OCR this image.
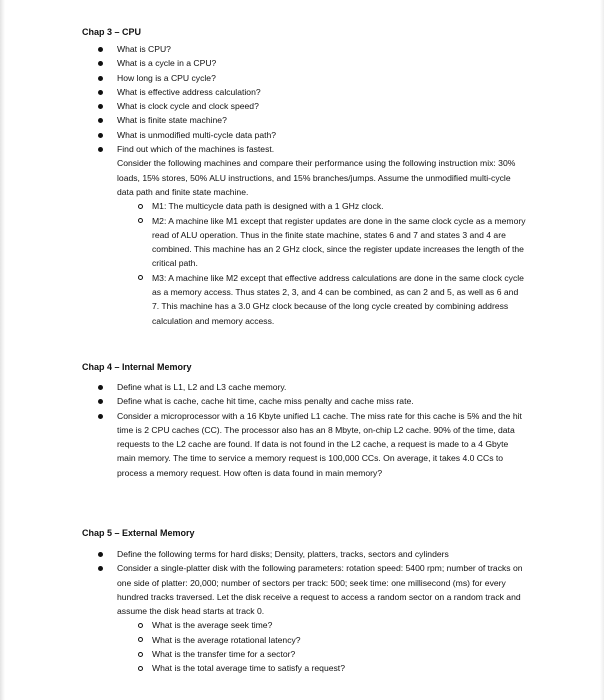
Chap 3 – CPU
What is CPU?
What is a cycle in a CPU?
How long is a CPU cycle?
What is effective address calculation?
What is clock cycle and clock speed?
What is finite state machine?
What is unmodified multi-cycle data path?
Find out which of the machines is fastest.
Consider the following machines and compare their performance using the following instruction mix: 30% loads, 15% stores, 50% ALU instructions, and 15% branches/jumps. Assume the unmodified multi-cycle data path and finite state machine.
M1: The multicycle data path is designed with a 1 GHz clock.
M2: A machine like M1 except that register updates are done in the same clock cycle as a memory read of ALU operation. Thus in the finite state machine, states 6 and 7 and states 3 and 4 are combined. This machine has an 2 GHz clock, since the register update increases the length of the critical path.
M3: A machine like M2 except that effective address calculations are done in the same clock cycle as a memory access. Thus states 2, 3, and 4 can be combined, as can 2 and 5, as well as 6 and 7. This machine has a 3.0 GHz clock because of the long cycle created by combining address calculation and memory access.
Chap 4 – Internal Memory
Define what is L1, L2 and L3 cache memory.
Define what is cache, cache hit time, cache miss penalty and cache miss rate.
Consider a microprocessor with a 16 Kbyte unified L1 cache. The miss rate for this cache is 5% and the hit time is 2 CPU caches (CC). The processor also has an 8 Mbyte, on-chip L2 cache. 90% of the time, data requests to the L2 cache are found. If data is not found in the L2 cache, a request is made to a 4 Gbyte main memory. The time to service a memory request is 100,000 CCs. On average, it takes 4.0 CCs to process a memory request. How often is data found in main memory?
Chap 5 – External Memory
Define the following terms for hard disks; Density, platters, tracks, sectors and cylinders
Consider a single-platter disk with the following parameters: rotation speed: 5400 rpm; number of tracks on one side of platter: 20,000; number of sectors per track: 500; seek time: one millisecond (ms) for every hundred tracks traversed. Let the disk receive a request to access a random sector on a random track and assume the disk head starts at track 0.
What is the average seek time?
What is the average rotational latency?
What is the transfer time for a sector?
What is the total average time to satisfy a request?
